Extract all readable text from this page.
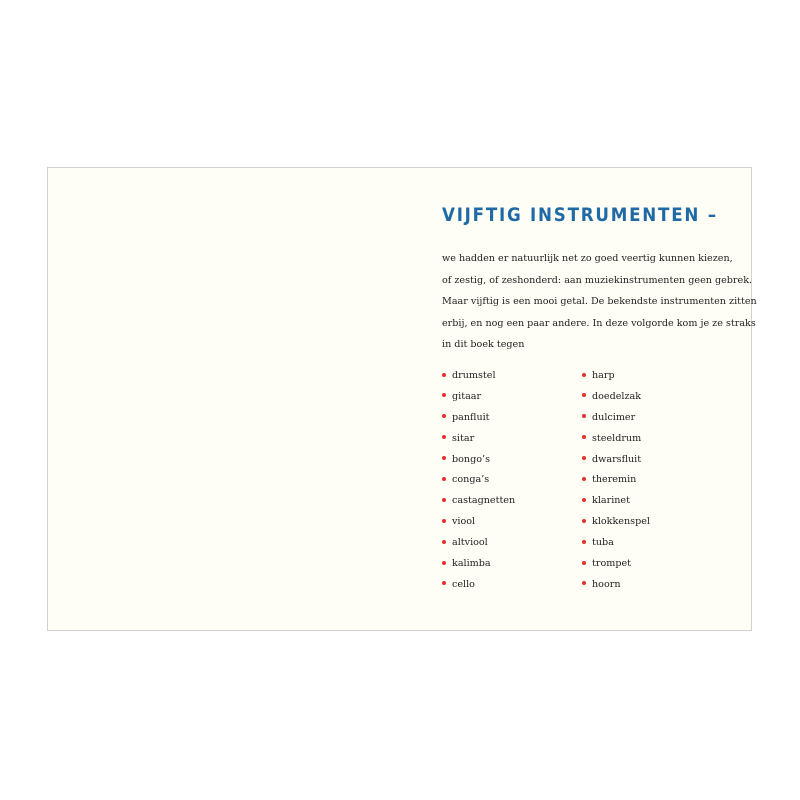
VIJFTIG INSTRUMENTEN –
we hadden er natuurlijk net zo goed veertig kunnen kiezen,
of zestig, of zeshonderd: aan muziekinstrumenten geen gebrek.
Maar vijftig is een mooi getal. De bekendste instrumenten zitten
erbij, en nog een paar andere. In deze volgorde kom je ze straks
in dit boek tegen
drumstel
gitaar
panfluit
sitar
bongo’s
conga’s
castagnetten
viool
altviool
kalimba
cello
harp
doedelzak
dulcimer
steeldrum
dwarsfluit
theremin
klarinet
klokkenspel
tuba
trompet
hoorn
